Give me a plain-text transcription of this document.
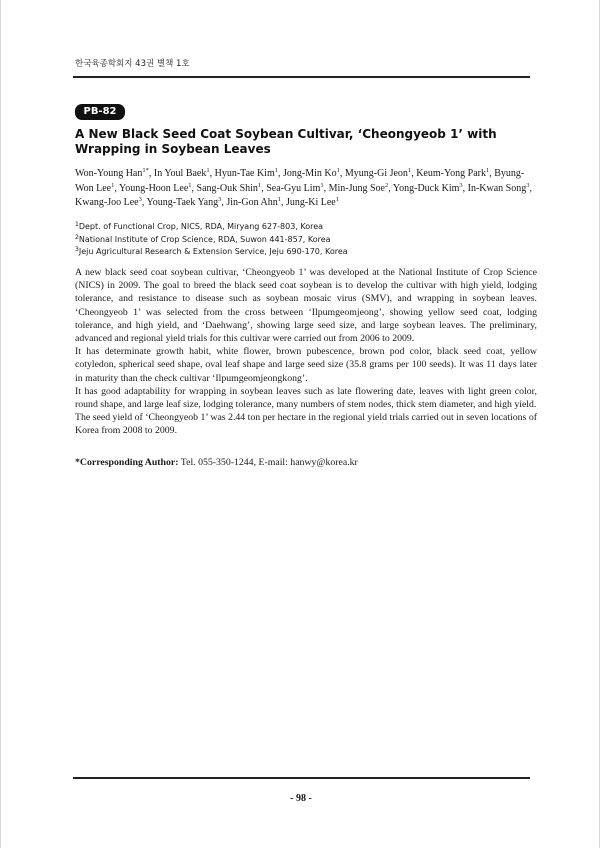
한국육종학회지 43권 별책 1호
PB-82
A New Black Seed Coat Soybean Cultivar, ‘Cheongyeob 1’ with Wrapping in Soybean Leaves
Won-Young Han$^{1*}$, In Youl Baek$^1$, Hyun-Tae Kim$^1$, Jong-Min Ko$^1$, Myung-Gi Jeon$^1$, Keum-Yong Park$^1$, Byung-Won Lee$^1$, Young-Hoon Lee$^1$, Sang-Ouk Shin$^1$, Sea-Gyu Lim$^1$, Min-Jung Soe$^2$, Yong-Duck Kim$^3$, In-Kwan Song$^3$, Kwang-Joo Lee$^3$, Young-Taek Yang$^3$, Jin-Gon Ahn$^1$, Jung-Ki Lee$^1$
$^1$Dept. of Functional Crop, NICS, RDA, Miryang 627-803, Korea
$^2$National Institute of Crop Science, RDA, Suwon 441-857, Korea
$^3$Jeju Agricultural Research & Extension Service, Jeju 690-170, Korea

A new black seed coat soybean cultivar, ‘Cheongyeob 1’ was developed at the National Institute of Crop Science (NICS) in 2009. The goal to breed the black seed coat soybean is to develop the cultivar with high yield, lodging tolerance, and resistance to disease such as soybean mosaic virus (SMV), and wrapping in soybean leaves. ‘Cheongyeob 1’ was selected from the cross between ‘Ilpumgeomjeong’, showing yellow seed coat, lodging tolerance, and high yield, and ‘Daehwang’, showing large seed size, and large soybean leaves. The preliminary, advanced and regional yield trials for this cultivar were carried out from 2006 to 2009.

It has determinate growth habit, white flower, brown pubescence, brown pod color, black seed coat, yellow cotyledon, spherical seed shape, oval leaf shape and large seed size (35.8 grams per 100 seeds). It was 11 days later in maturity than the check cultivar ‘Ilpumgeomjeongkong’.

It has good adaptability for wrapping in soybean leaves such as late flowering date, leaves with light green color, round shape, and large leaf size, lodging tolerance, many numbers of stem nodes, thick stem diameter, and high yield.

The seed yield of ‘Cheongyeob 1’ was 2.44 ton per hectare in the regional yield trials carried out in seven locations of Korea from 2008 to 2009.

*Corresponding Author: Tel. 055-350-1244, E-mail: hanwy@korea.kr
- 98 -
